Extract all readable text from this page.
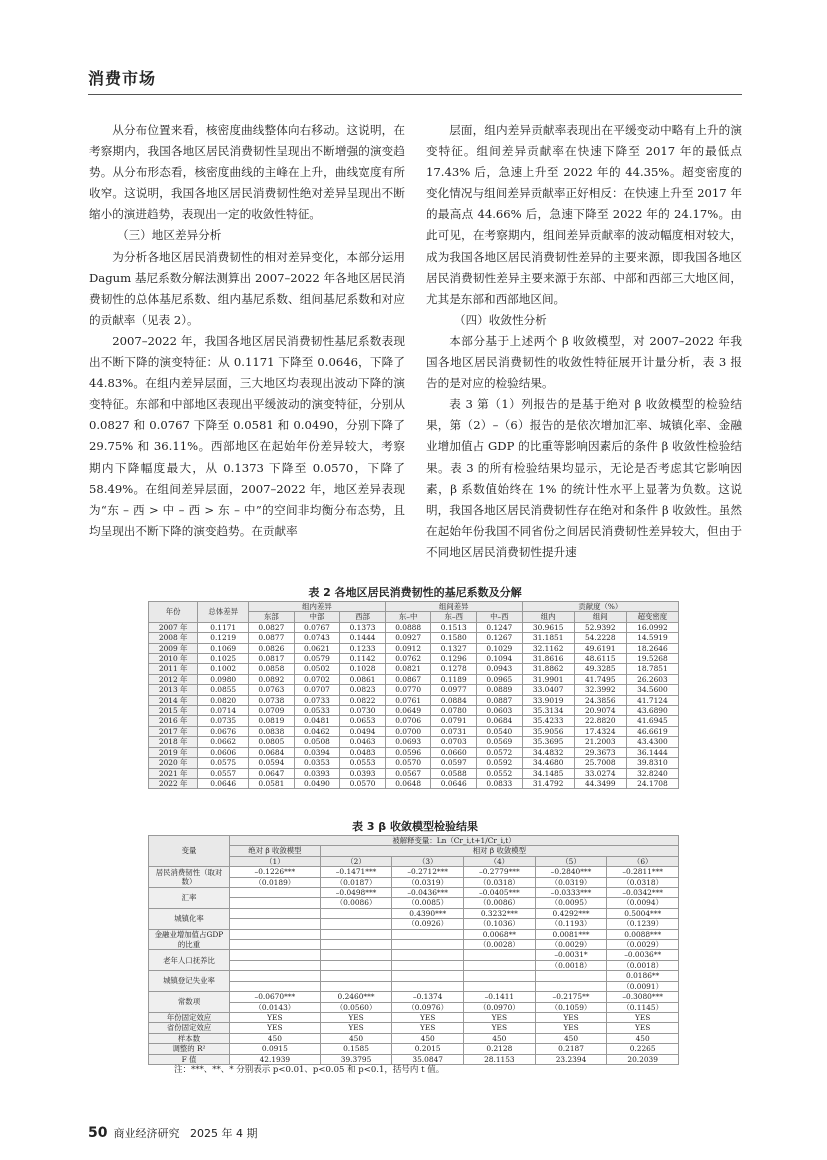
消费市场

从分布位置来看，核密度曲线整体向右移动。这说明，在考察期内，我国各地区居民消费韧性呈现出不断增强的演变趋势。从分布形态看，核密度曲线的主峰在上升，曲线宽度有所收窄。这说明，我国各地区居民消费韧性绝对差异呈现出不断缩小的演进趋势，表现出一定的收敛性特征。

（三）地区差异分析

为分析各地区居民消费韧性的相对差异变化，本部分运用 Dagum 基尼系数分解法测算出 2007–2022 年各地区居民消费韧性的总体基尼系数、组内基尼系数、组间基尼系数和对应的贡献率（见表 2）。

2007–2022 年，我国各地区居民消费韧性基尼系数表现出不断下降的演变特征：从 0.1171 下降至 0.0646，下降了 44.83%。在组内差异层面，三大地区均表现出波动下降的演变特征。东部和中部地区表现出平缓波动的演变特征，分别从 0.0827 和 0.0767 下降至 0.0581 和 0.0490，分别下降了 29.75% 和 36.11%。西部地区在起始年份差异较大，考察期内下降幅度最大，从 0.1373 下降至 0.0570，下降了 58.49%。在组间差异层面，2007–2022 年，地区差异表现为“东 – 西 > 中 – 西 > 东 – 中”的空间非均衡分布态势，且均呈现出不断下降的演变趋势。在贡献率

层面，组内差异贡献率表现出在平缓变动中略有上升的演变特征。组间差异贡献率在快速下降至 2017 年的最低点 17.43% 后，急速上升至 2022 年的 44.35%。超变密度的变化情况与组间差异贡献率正好相反：在快速上升至 2017 年的最高点 44.66% 后，急速下降至 2022 年的 24.17%。由此可见，在考察期内，组间差异贡献率的波动幅度相对较大，成为我国各地区居民消费韧性差异的主要来源，即我国各地区居民消费韧性差异主要来源于东部、中部和西部三大地区间，尤其是东部和西部地区间。

（四）收敛性分析

本部分基于上述两个 β 收敛模型，对 2007–2022 年我国各地区居民消费韧性的收敛性特征展开计量分析，表 3 报告的是对应的检验结果。

表 3 第（1）列报告的是基于绝对 β 收敛模型的检验结果，第（2）–（6）报告的是依次增加汇率、城镇化率、金融业增加值占 GDP 的比重等影响因素后的条件 β 收敛性检验结果。表 3 的所有检验结果均显示，无论是否考虑其它影响因素，β 系数值始终在 1% 的统计性水平上显著为负数。这说明，我国各地区居民消费韧性存在绝对和条件 β 收敛性。虽然在起始年份我国不同省份之间居民消费韧性差异较大，但由于不同地区居民消费韧性提升速

表 2 各地区居民消费韧性的基尼系数及分解
年份	总体差异	组内差异			组间差异			贡献度（%）		
		东部	中部	西部	东–中	东–西	中–西	组内	组间	超变密度
2007 年	0.1171	0.0827	0.0767	0.1373	0.0888	0.1513	0.1247	30.9615	52.9392	16.0992
2008 年	0.1219	0.0877	0.0743	0.1444	0.0927	0.1580	0.1267	31.1851	54.2228	14.5919
2009 年	0.1069	0.0826	0.0621	0.1233	0.0912	0.1327	0.1029	32.1162	49.6191	18.2646
2010 年	0.1025	0.0817	0.0579	0.1142	0.0762	0.1296	0.1094	31.8616	48.6115	19.5268
2011 年	0.1002	0.0858	0.0502	0.1028	0.0821	0.1278	0.0943	31.8862	49.3285	18.7851
2012 年	0.0980	0.0892	0.0702	0.0861	0.0867	0.1189	0.0965	31.9901	41.7495	26.2603
2013 年	0.0855	0.0763	0.0707	0.0823	0.0770	0.0977	0.0889	33.0407	32.3992	34.5600
2014 年	0.0820	0.0738	0.0733	0.0822	0.0761	0.0884	0.0887	33.9019	24.3856	41.7124
2015 年	0.0714	0.0709	0.0533	0.0730	0.0649	0.0780	0.0603	35.3134	20.9074	43.6890
2016 年	0.0735	0.0819	0.0481	0.0653	0.0706	0.0791	0.0684	35.4233	22.8820	41.6945
2017 年	0.0676	0.0838	0.0462	0.0494	0.0700	0.0731	0.0540	35.9056	17.4324	46.6619
2018 年	0.0662	0.0805	0.0508	0.0463	0.0693	0.0703	0.0569	35.3695	21.2003	43.4300
2019 年	0.0606	0.0684	0.0394	0.0483	0.0596	0.0660	0.0572	34.4832	29.3673	36.1444
2020 年	0.0575	0.0594	0.0353	0.0553	0.0570	0.0597	0.0592	34.4680	25.7008	39.8310
2021 年	0.0557	0.0647	0.0393	0.0393	0.0567	0.0588	0.0552	34.1485	33.0274	32.8240
2022 年	0.0646	0.0581	0.0490	0.0570	0.0648	0.0646	0.0833	31.4792	44.3499	24.1708
表 3 β 收敛模型检验结果
变量	被解释变量：Ln（Cr_i,t+1/Cr_i,t）					
	绝对 β 收敛模型	相对 β 收敛模型				
	（1）	（2）	（3）	（4）	（5）	（6）
居民消费韧性（取对数）	–0.1226***	–0.1471***	–0.2712***	–0.2779***	–0.2840***	–0.2811***
	（0.0189）	（0.0187）	（0.0319）	（0.0318）	（0.0319）	（0.0318）
汇率		–0.0498***	–0.0436***	–0.0405***	–0.0333***	–0.0342***
		（0.0086）	（0.0085）	（0.0086）	（0.0095）	（0.0094）
城镇化率			0.4390***	0.3232***	0.4292***	0.5004***
			（0.0926）	（0.1036）	（0.1193）	（0.1239）
金融业增加值占GDP 的比重				0.0068**	0.0081***	0.0088***
				（0.0028）	（0.0029）	（0.0029）
老年人口抚养比					–0.0031*	–0.0036**
					（0.0018）	（0.0018）
城镇登记失业率						0.0186**
						（0.0091）
常数项	–0.0670***	0.2460***	–0.1374	–0.1411	–0.2175**	–0.3080***
	（0.0143）	（0.0560）	（0.0976）	（0.0970）	（0.1059）	（0.1145）
年份固定效应	YES	YES	YES	YES	YES	YES
省份固定效应	YES	YES	YES	YES	YES	YES
样本数	450	450	450	450	450	450
调整的 R²	0.0915	0.1585	0.2015	0.2128	0.2187	0.2265
F 值	42.1939	39.3795	35.0847	28.1153	23.2394	20.2039
注：***、**、* 分别表示 p<0.01、p<0.05 和 p<0.1，括号内 t 值。
50 商业经济研究 2025 年 4 期
